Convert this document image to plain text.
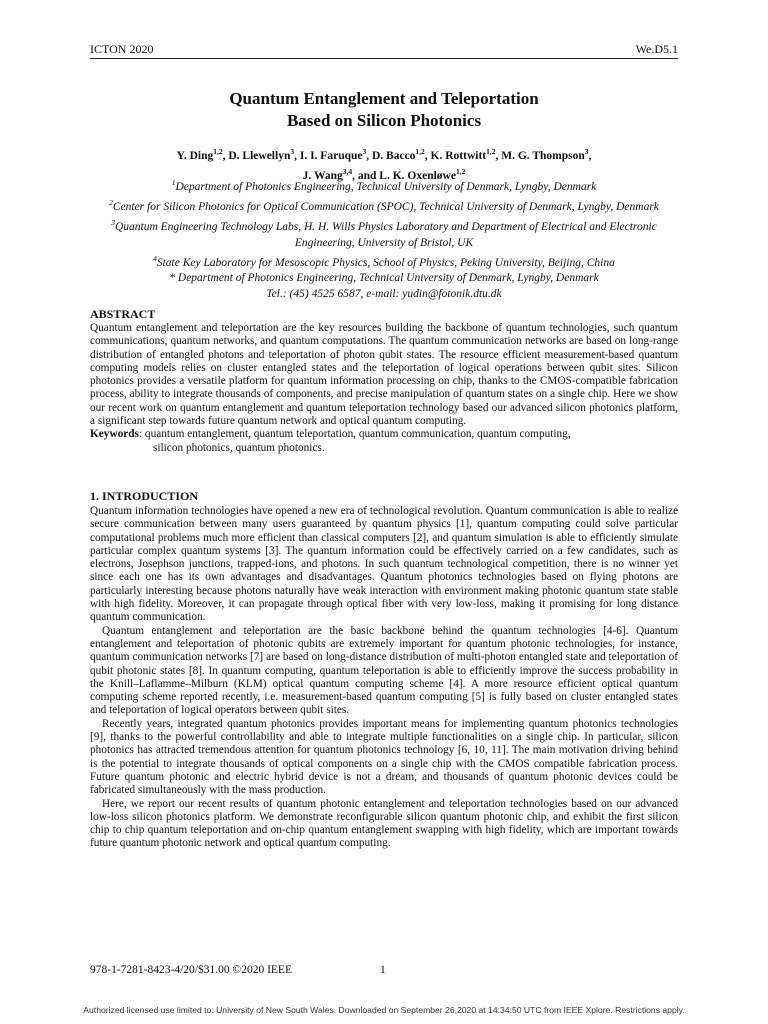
ICTON 2020	We.D5.1
Quantum Entanglement and Teleportation
Based on Silicon Photonics
Y. Ding$^{1,2}$, D. Llewellyn$^3$, I. I. Faruque$^3$, D. Bacco$^{1,2}$, K. Rottwitt$^{1,2}$, M. G. Thompson$^3$,
J. Wang$^{3,4}$, and L. K. Oxenløwe$^{1,2}$
$^1$Department of Photonics Engineering, Technical University of Denmark, Lyngby, Denmark
$^2$Center for Silicon Photonics for Optical Communication (SPOC), Technical University of Denmark, Lyngby, Denmark
$^3$Quantum Engineering Technology Labs, H. H. Wills Physics Laboratory and Department of Electrical and Electronic Engineering, University of Bristol, UK
$^4$State Key Laboratory for Mesoscopic Physics, School of Physics, Peking University, Beijing, China
* Department of Photonics Engineering, Technical University of Denmark, Lyngby, Denmark
Tel.: (45) 4525 6587, e-mail: yudin@fotonik.dtu.dk
ABSTRACT

Quantum entanglement and teleportation are the key resources building the backbone of quantum technologies, such quantum communications, quantum networks, and quantum computations. The quantum communication networks are based on long-range distribution of entangled photons and teleportation of photon qubit states. The resource efficient measurement-based quantum computing models relies on cluster entangled states and the teleportation of logical operations between qubit sites. Silicon photonics provides a versatile platform for quantum information processing on chip, thanks to the CMOS-compatible fabrication process, ability to integrate thousands of components, and precise manipulation of quantum states on a single chip. Here we show our recent work on quantum entanglement and quantum teleportation technology based our advanced silicon photonics platform, a significant step towards future quantum network and optical quantum computing.

Keywords: quantum entanglement, quantum teleportation, quantum communication, quantum computing,

silicon photonics, quantum photonics.

1. INTRODUCTION

Quantum information technologies have opened a new era of technological revolution. Quantum communication is able to realize secure communication between many users guaranteed by quantum physics [1], quantum computing could solve particular computational problems much more efficient than classical computers [2], and quantum simulation is able to efficiently simulate particular complex quantum systems [3]. The quantum information could be effectively carried on a few candidates, such as electrons, Josephson junctions, trapped-ions, and photons. In such quantum technological competition, there is no winner yet since each one has its own advantages and disadvantages. Quantum photonics technologies based on flying photons are particularly interesting because photons naturally have weak interaction with environment making photonic quantum state stable with high fidelity. Moreover, it can propagate through optical fiber with very low-loss, making it promising for long distance quantum communication.

Quantum entanglement and teleportation are the basic backbone behind the quantum technologies [4-6]. Quantum entanglement and teleportation of photonic qubits are extremely important for quantum photonic technologies, for instance, quantum communication networks [7] are based on long-distance distribution of multi-photon entangled state and teleportation of qubit photonic states [8]. In quantum computing, quantum teleportation is able to efficiently improve the success probability in the Knill–Laflamme–Milburn (KLM) optical quantum computing scheme [4]. A more resource efficient optical quantum computing scheme reported recently, i.e. measurement-based quantum computing [5] is fully based on cluster entangled states and teleportation of logical operators between qubit sites.

Recently years, integrated quantum photonics provides important means for implementing quantum photonics technologies [9], thanks to the powerful controllability and able to integrate multiple functionalities on a single chip. In particular, silicon photonics has attracted tremendous attention for quantum photonics technology [6, 10, 11]. The main motivation driving behind is the potential to integrate thousands of optical components on a single chip with the CMOS compatible fabrication process. Future quantum photonic and electric hybrid device is not a dream, and thousands of quantum photonic devices could be fabricated simultaneously with the mass production.

Here, we report our recent results of quantum photonic entanglement and teleportation technologies based on our advanced low-loss silicon photonics platform. We demonstrate reconfigurable silicon quantum photonic chip, and exhibit the first silicon chip to chip quantum teleportation and on-chip quantum entanglement swapping with high fidelity, which are important towards future quantum photonic network and optical quantum computing.

978-1-7281-8423-4/20/$31.00 ©2020 IEEE	1
Authorized licensed use limited to: University of New South Wales. Downloaded on September 26,2020 at 14:34:50 UTC from IEEE Xplore. Restrictions apply.
